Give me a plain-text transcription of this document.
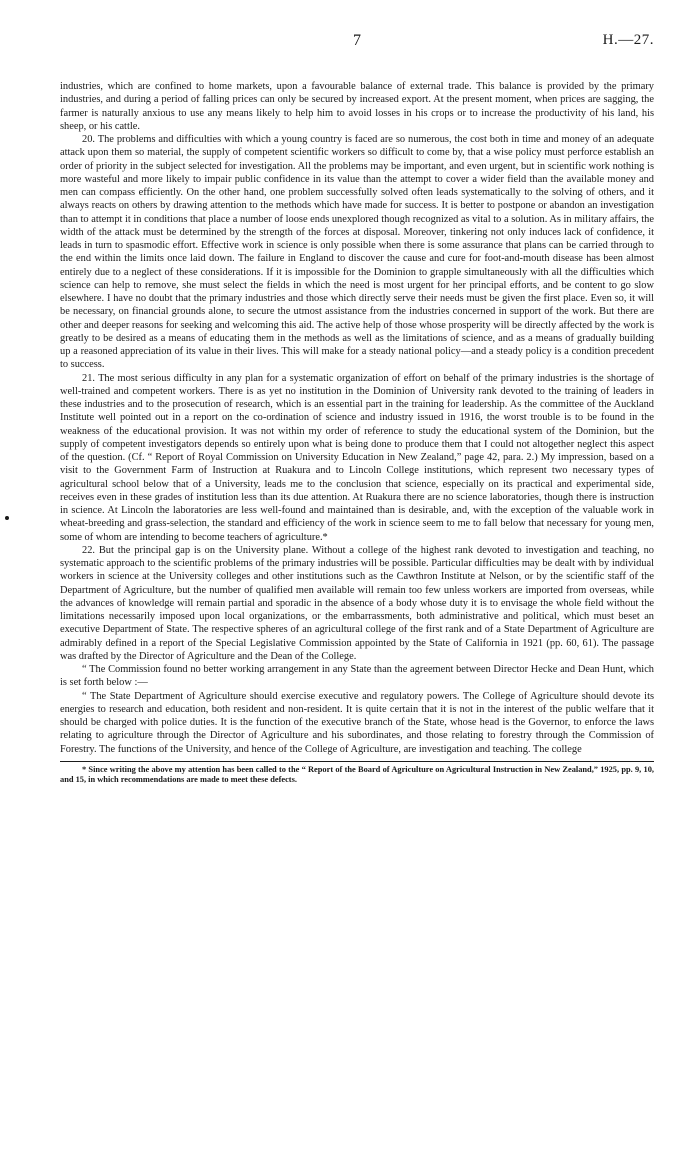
7	H.—27.

industries, which are confined to home markets, upon a favourable balance of external trade. This balance is provided by the primary industries, and during a period of falling prices can only be secured by increased export. At the present moment, when prices are sagging, the farmer is naturally anxious to use any means likely to help him to avoid losses in his crops or to increase the productivity of his land, his sheep, or his cattle.

20. The problems and difficulties with which a young country is faced are so numerous, the cost both in time and money of an adequate attack upon them so material, the supply of competent scientific workers so difficult to come by, that a wise policy must perforce establish an order of priority in the subject selected for investigation. All the problems may be important, and even urgent, but in scientific work nothing is more wasteful and more likely to impair public confidence in its value than the attempt to cover a wider field than the available money and men can compass efficiently. On the other hand, one problem successfully solved often leads systematically to the solving of others, and it always reacts on others by drawing attention to the methods which have made for success. It is better to postpone or abandon an investigation than to attempt it in conditions that place a number of loose ends unexplored though recognized as vital to a solution. As in military affairs, the width of the attack must be determined by the strength of the forces at disposal. Moreover, tinkering not only induces lack of confidence, it leads in turn to spasmodic effort. Effective work in science is only possible when there is some assurance that plans can be carried through to the end within the limits once laid down. The failure in England to discover the cause and cure for foot-and-mouth disease has been almost entirely due to a neglect of these considerations. If it is impossible for the Dominion to grapple simultaneously with all the difficulties which science can help to remove, she must select the fields in which the need is most urgent for her principal efforts, and be content to go slow elsewhere. I have no doubt that the primary industries and those which directly serve their needs must be given the first place. Even so, it will be necessary, on financial grounds alone, to secure the utmost assistance from the industries concerned in support of the work. But there are other and deeper reasons for seeking and welcoming this aid. The active help of those whose prosperity will be directly affected by the work is greatly to be desired as a means of educating them in the methods as well as the limitations of science, and as a means of gradually building up a reasoned appreciation of its value in their lives. This will make for a steady national policy—and a steady policy is a condition precedent to success.

21. The most serious difficulty in any plan for a systematic organization of effort on behalf of the primary industries is the shortage of well-trained and competent workers. There is as yet no institution in the Dominion of University rank devoted to the training of leaders in these industries and to the prosecution of research, which is an essential part in the training for leadership. As the committee of the Auckland Institute well pointed out in a report on the co-ordination of science and industry issued in 1916, the worst trouble is to be found in the weakness of the educational provision. It was not within my order of reference to study the educational system of the Dominion, but the supply of competent investigators depends so entirely upon what is being done to produce them that I could not altogether neglect this aspect of the question. (Cf. “ Report of Royal Commission on University Education in New Zealand,” page 42, para. 2.) My impression, based on a visit to the Government Farm of Instruction at Ruakura and to Lincoln College institutions, which represent two necessary types of agricultural school below that of a University, leads me to the conclusion that science, especially on its practical and experimental side, receives even in these grades of institution less than its due attention. At Ruakura there are no science laboratories, though there is instruction in science. At Lincoln the laboratories are less well-found and maintained than is desirable, and, with the exception of the valuable work in wheat-breeding and grass-selection, the standard and efficiency of the work in science seem to me to fall below that necessary for young men, some of whom are intending to become teachers of agriculture.*

22. But the principal gap is on the University plane. Without a college of the highest rank devoted to investigation and teaching, no systematic approach to the scientific problems of the primary industries will be possible. Particular difficulties may be dealt with by individual workers in science at the University colleges and other institutions such as the Cawthron Institute at Nelson, or by the scientific staff of the Department of Agriculture, but the number of qualified men available will remain too few unless workers are imported from overseas, while the advances of knowledge will remain partial and sporadic in the absence of a body whose duty it is to envisage the whole field without the limitations necessarily imposed upon local organizations, or the embarrassments, both administrative and political, which must beset an executive Department of State. The respective spheres of an agricultural college of the first rank and of a State Department of Agriculture are admirably defined in a report of the Special Legislative Commission appointed by the State of California in 1921 (pp. 60, 61). The passage was drafted by the Director of Agriculture and the Dean of the College.

“ The Commission found no better working arrangement in any State than the agreement between Director Hecke and Dean Hunt, which is set forth below :—

“ The State Department of Agriculture should exercise executive and regulatory powers. The College of Agriculture should devote its energies to research and education, both resident and non-resident. It is quite certain that it is not in the interest of the public welfare that it should be charged with police duties. It is the function of the executive branch of the State, whose head is the Governor, to enforce the laws relating to agriculture through the Director of Agriculture and his subordinates, and those relating to forestry through the Commission of Forestry. The functions of the University, and hence of the College of Agriculture, are investigation and teaching. The college

* Since writing the above my attention has been called to the “ Report of the Board of Agriculture on Agricultural Instruction in New Zealand,” 1925, pp. 9, 10, and 15, in which recommendations are made to meet these defects.
